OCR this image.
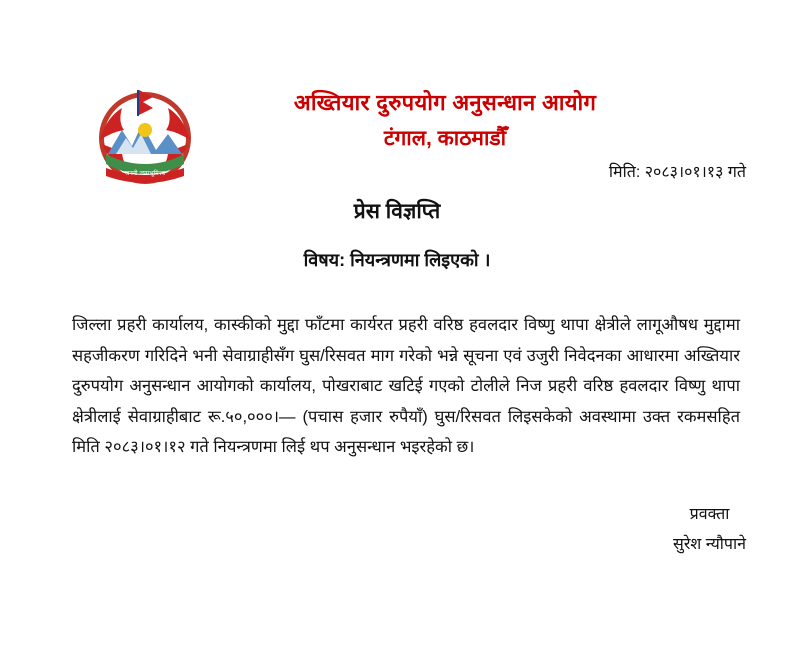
जननी जन्मभूमिश्च
अख्तियार दुरुपयोग अनुसन्धान आयोग
टंगाल, काठमाडौँ
मिति: २०८३।०१।१३ गते
प्रेस विज्ञप्ति
विषय: नियन्त्रणमा लिइएको ।

जिल्ला प्रहरी कार्यालय, कास्कीको मुद्दा फाँटमा कार्यरत प्रहरी वरिष्ठ हवलदार विष्णु थापा क्षेत्रीले लागूऔषध मुद्दामा सहजीकरण गरिदिने भनी सेवाग्राहीसँग घुस/रिसवत माग गरेको भन्ने सूचना एवं उजुरी निवेदनका आधारमा अख्तियार दुरुपयोग अनुसन्धान आयोगको कार्यालय, पोखराबाट खटिई गएको टोलीले निज प्रहरी वरिष्ठ हवलदार विष्णु थापा क्षेत्रीलाई सेवाग्राहीबाट रू.५०,०००।— (पचास हजार रुपैयाँ) घुस/रिसवत लिइसकेको अवस्थामा उक्त रकमसहित मिति २०८३।०१।१२ गते नियन्त्रणमा लिई थप अनुसन्धान भइरहेको छ।

प्रवक्ता
सुरेश न्यौपाने
